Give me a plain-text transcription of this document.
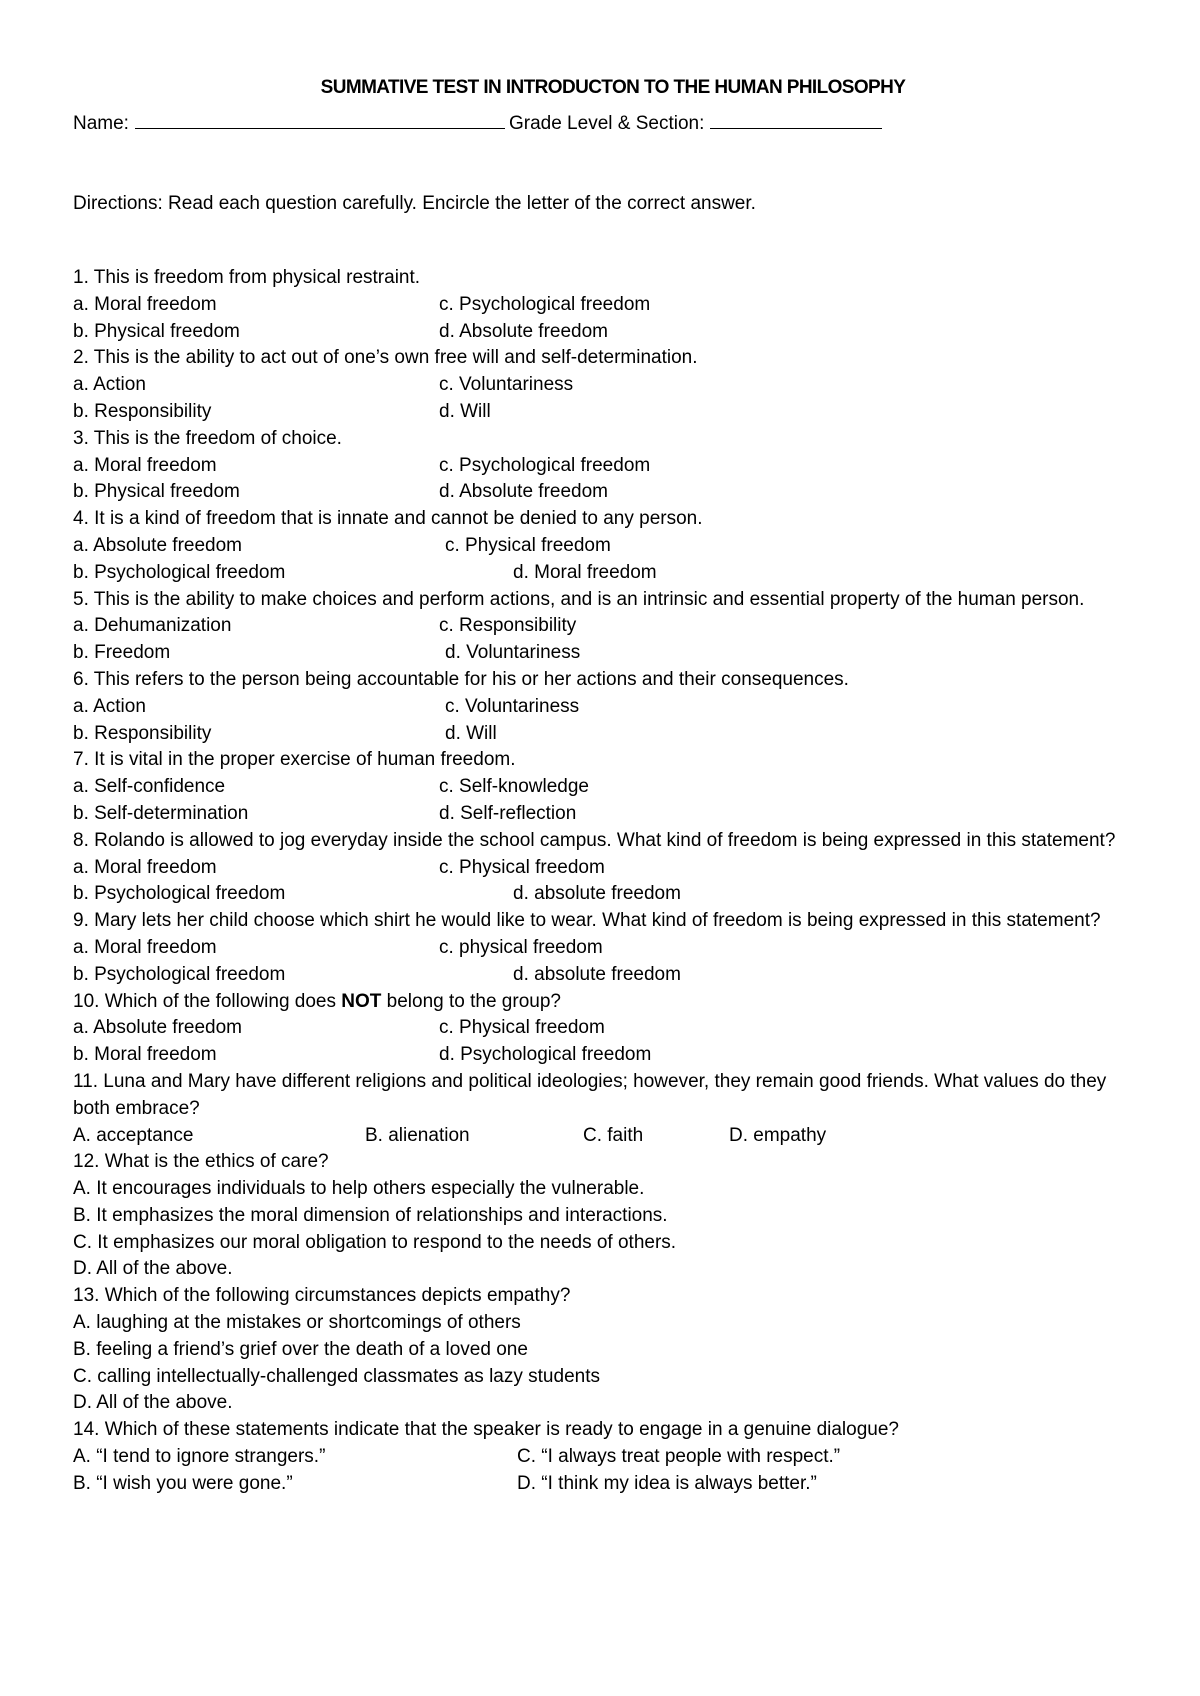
SUMMATIVE TEST IN INTRODUCTON TO THE HUMAN PHILOSOPHY
Name:	Grade Level & Section:
Directions: Read each question carefully. Encircle the letter of the correct answer.
1. This is freedom from physical restraint.
a. Moral freedom	c. Psychological freedom
b. Physical freedom	d. Absolute freedom
2. This is the ability to act out of one’s own free will and self-determination.
a. Action	c. Voluntariness
b. Responsibility	d. Will
3. This is the freedom of choice.
a. Moral freedom	c. Psychological freedom
b. Physical freedom	d. Absolute freedom
4. It is a kind of freedom that is innate and cannot be denied to any person.
a. Absolute freedom	c. Physical freedom
b. Psychological freedom	d. Moral freedom
5. This is the ability to make choices and perform actions, and is an intrinsic and essential property of the human person.
a. Dehumanization	c. Responsibility
b. Freedom	d. Voluntariness
6. This refers to the person being accountable for his or her actions and their consequences.
a. Action	c. Voluntariness
b. Responsibility	d. Will
7. It is vital in the proper exercise of human freedom.
a. Self-confidence	c. Self-knowledge
b. Self-determination	d. Self-reflection
8. Rolando is allowed to jog everyday inside the school campus. What kind of freedom is being expressed in this statement?
a. Moral freedom	c. Physical freedom
b. Psychological freedom	d. absolute freedom
9. Mary lets her child choose which shirt he would like to wear. What kind of freedom is being expressed in this statement?
a. Moral freedom	c. physical freedom
b. Psychological freedom	d. absolute freedom
10. Which of the following does NOT belong to the group?
a. Absolute freedom	c. Physical freedom
b. Moral freedom	d. Psychological freedom
11. Luna and Mary have different religions and political ideologies; however, they remain good friends. What values do they both embrace?
A. acceptance	B. alienation	C. faith	D. empathy
12. What is the ethics of care?
A. It encourages individuals to help others especially the vulnerable.
B. It emphasizes the moral dimension of relationships and interactions.
C. It emphasizes our moral obligation to respond to the needs of others.
D. All of the above.
13. Which of the following circumstances depicts empathy?
A. laughing at the mistakes or shortcomings of others
B. feeling a friend’s grief over the death of a loved one
C. calling intellectually-challenged classmates as lazy students
D. All of the above.
14. Which of these statements indicate that the speaker is ready to engage in a genuine dialogue?
A. “I tend to ignore strangers.”	C. “I always treat people with respect.”
B. “I wish you were gone.”	D. “I think my idea is always better.”
